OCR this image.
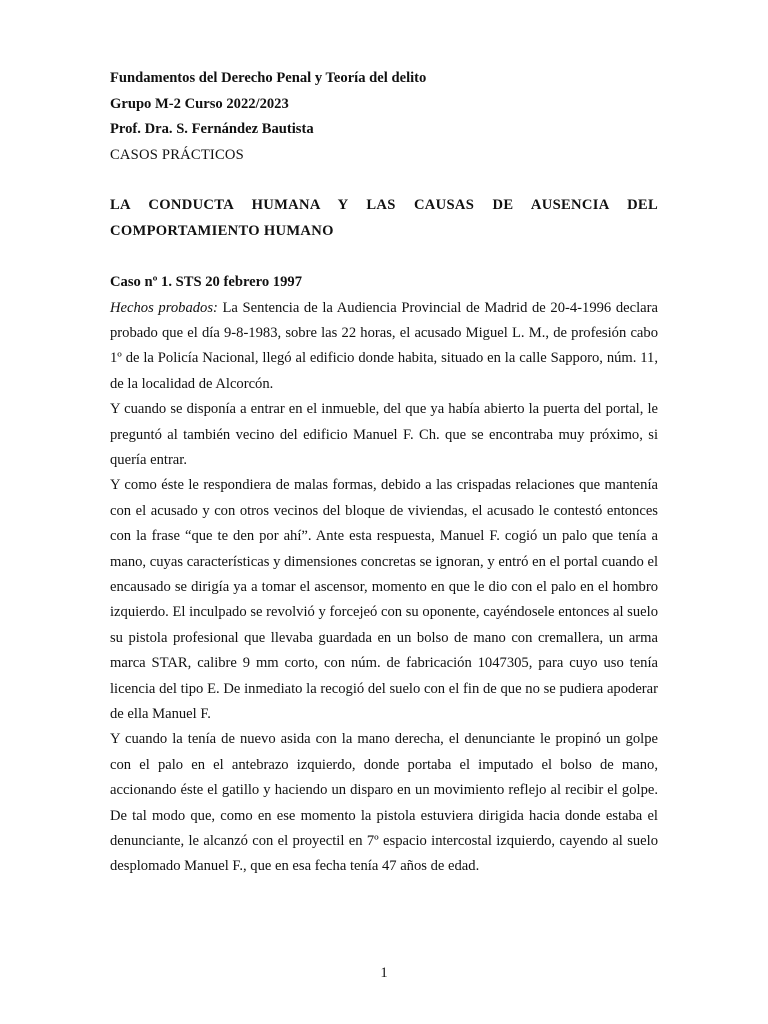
Fundamentos del Derecho Penal y Teoría del delito

Grupo M-2 Curso 2022/2023

Prof. Dra. S. Fernández Bautista

CASOS PRÁCTICOS

LA CONDUCTA HUMANA Y LAS CAUSAS DE AUSENCIA DEL COMPORTAMIENTO HUMANO

Caso nº 1. STS 20 febrero 1997

Hechos probados: La Sentencia de la Audiencia Provincial de Madrid de 20-4-1996 declara probado que el día 9-8-1983, sobre las 22 horas, el acusado Miguel L. M., de profesión cabo 1º de la Policía Nacional, llegó al edificio donde habita, situado en la calle Sapporo, núm. 11, de la localidad de Alcorcón.

Y cuando se disponía a entrar en el inmueble, del que ya había abierto la puerta del portal, le preguntó al también vecino del edificio Manuel F. Ch. que se encontraba muy próximo, si quería entrar.

Y como éste le respondiera de malas formas, debido a las crispadas relaciones que mantenía con el acusado y con otros vecinos del bloque de viviendas, el acusado le contestó entonces con la frase “que te den por ahí”. Ante esta respuesta, Manuel F. cogió un palo que tenía a mano, cuyas características y dimensiones concretas se ignoran, y entró en el portal cuando el encausado se dirigía ya a tomar el ascensor, momento en que le dio con el palo en el hombro izquierdo. El inculpado se revolvió y forcejeó con su oponente, cayéndosele entonces al suelo su pistola profesional que llevaba guardada en un bolso de mano con cremallera, un arma marca STAR, calibre 9 mm corto, con núm. de fabricación 1047305, para cuyo uso tenía licencia del tipo E. De inmediato la recogió del suelo con el fin de que no se pudiera apoderar de ella Manuel F.

Y cuando la tenía de nuevo asida con la mano derecha, el denunciante le propinó un golpe con el palo en el antebrazo izquierdo, donde portaba el imputado el bolso de mano, accionando éste el gatillo y haciendo un disparo en un movimiento reflejo al recibir el golpe. De tal modo que, como en ese momento la pistola estuviera dirigida hacia donde estaba el denunciante, le alcanzó con el proyectil en 7º espacio intercostal izquierdo, cayendo al suelo desplomado Manuel F., que en esa fecha tenía 47 años de edad.

1
